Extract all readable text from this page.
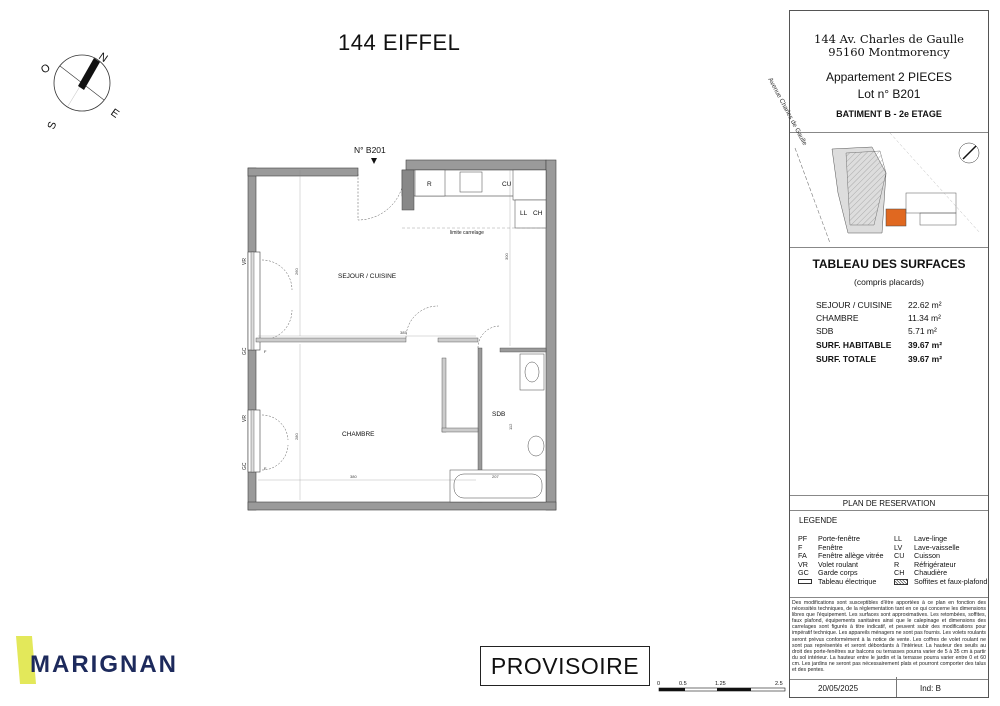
144 EIFFEL
N
E
S
O
N° B201
VR
GC
VR
GC
F
F
R	CU
LL CH
limite carrelage
385
300
380	207
112
280
260
SEJOUR / CUISINE
CHAMBRE
SDB
144 Av. Charles de Gaulle
95160 Montmorency
Appartement 2 PIECES
Lot n° B201
BATIMENT B - 2e ETAGE
TABLEAU DES SURFACES
(compris placards)
PLAN DE RESERVATION
Avenue Charles de Gaulle
SEJOUR / CUISINE 22.62 m²
CHAMBRE	11.34 m²
SDB	5.71 m²
SURF. HABITABLE 39.67 m²
SURF. TOTALE	39.67 m²
LEGENDE
PF	Porte-fenêtre
F	Fenêtre
FA	Fenêtre allège vitrée
VR	Volet roulant
GC	Garde corps
Tableau électrique
LL	Lave-linge
LV	Lave-vaisselle
CU	Cuisson
R	Réfrigérateur
CH	Chaudière
Soffites et faux-plafond
Des modifications sont susceptibles d'être apportées à ce plan en fonction des nécessités techniques, de la réglementation tant en ce qui concerne les dimensions libres que l'équipement. Les surfaces sont approximatives. Les retombées, soffites, faux plafond, équipements sanitaires ainsi que le calepinage et dimensions des carrelages sont figurés à titre indicatif, et peuvent subir des modifications pour impératif technique. Les appareils ménagers ne sont pas fournis. Les volets roulants seront prévus conformément à la notice de vente. Les coffres de volet roulant ne sont pas représentés et seront débordants à l'intérieur. La hauteur des seuils au droit des porte-fenêtres sur balcons ou terrasses pourra varier de 5 à 35 cm à partir du sol intérieur. La hauteur entre le jardin et la terrasse pourra varier entre 0 et 60 cm. Les jardins ne seront pas nécessairement plats et pourront comporter des talus et des pentes.
0	0.5	1.25	2.5	20/05/2025	Ind: B
MARIGNAN	PROVISOIRE
